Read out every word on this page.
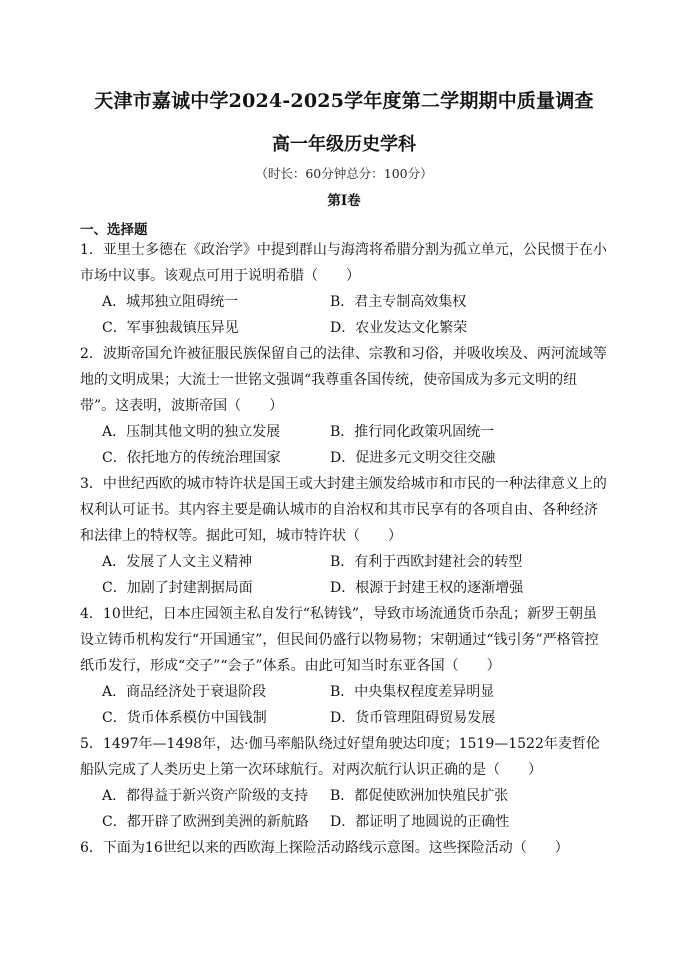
天津市嘉诚中学2024-2025学年度第二学期期中质量调查
高一年级历史学科
（时长：60分钟总分：100分）
第Ⅰ卷
一、选择题

1．亚里士多德在《政治学》中提到群山与海湾将希腊分割为孤立单元，公民惯于在小市场中议事。该观点可用于说明希腊（　　）

A．城邦独立阻碍统一	B．君主专制高效集权
C．军事独裁镇压异见	D．农业发达文化繁荣

2．波斯帝国允许被征服民族保留自己的法律、宗教和习俗，并吸收埃及、两河流域等地的文明成果；大流士一世铭文强调“我尊重各国传统，使帝国成为多元文明的纽带”。这表明，波斯帝国（　　）

A．压制其他文明的独立发展	B．推行同化政策巩固统一
C．依托地方的传统治理国家	D．促进多元文明交往交融

3．中世纪西欧的城市特许状是国王或大封建主颁发给城市和市民的一种法律意义上的权利认可证书。其内容主要是确认城市的自治权和其市民享有的各项自由、各种经济和法律上的特权等。据此可知，城市特许状（　　）

A．发展了人文主义精神	B．有利于西欧封建社会的转型
C．加剧了封建割据局面	D．根源于封建王权的逐渐增强

4．10世纪，日本庄园领主私自发行“私铸钱”，导致市场流通货币杂乱；新罗王朝虽设立铸币机构发行“开国通宝”，但民间仍盛行以物易物；宋朝通过“钱引务”严格管控纸币发行，形成“交子”“会子”体系。由此可知当时东亚各国（　　）

A．商品经济处于衰退阶段	B．中央集权程度差异明显
C．货币体系模仿中国钱制	D．货币管理阻碍贸易发展

5．1497年—1498年，达·伽马率船队绕过好望角驶达印度；1519—1522年麦哲伦船队完成了人类历史上第一次环球航行。对两次航行认识正确的是（　　）

A．都得益于新兴资产阶级的支持	B．都促使欧洲加快殖民扩张
C．都开辟了欧洲到美洲的新航路	D．都证明了地圆说的正确性

6．下面为16世纪以来的西欧海上探险活动路线示意图。这些探险活动（　　）
